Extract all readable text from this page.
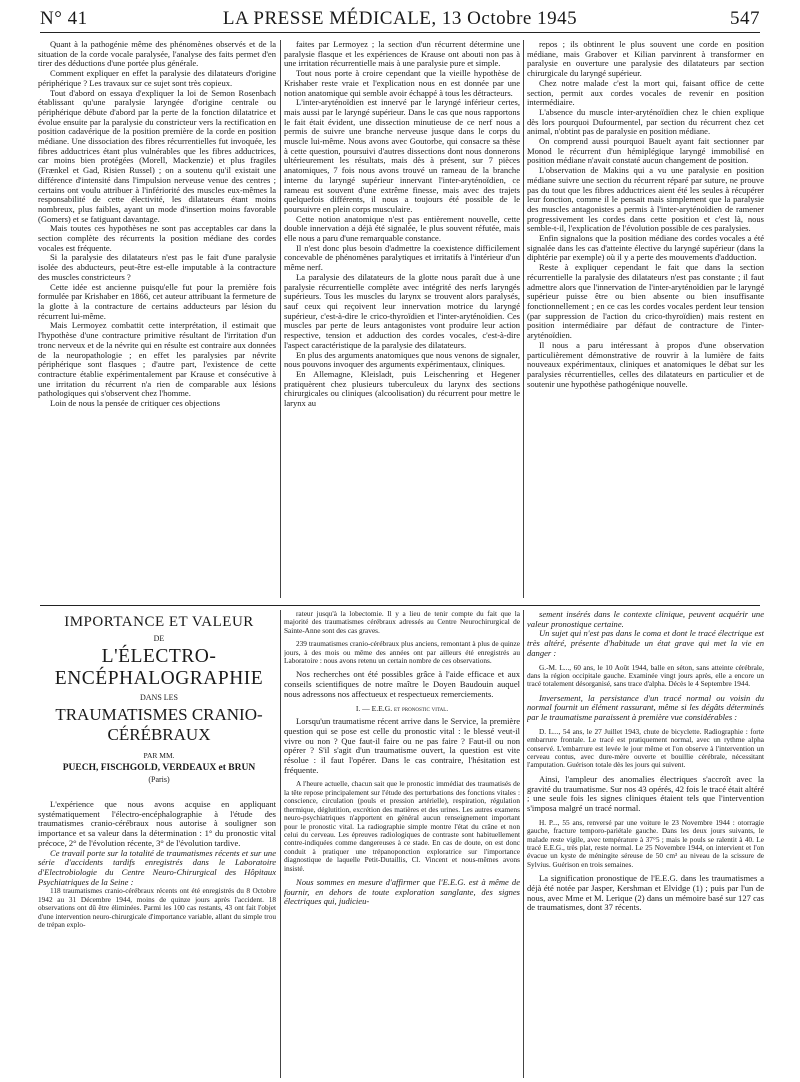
N° 41	LA PRESSE MÉDICALE, 13 Octobre 1945	547

Quant à la pathogénie même des phénomènes observés et de la situation de la corde vocale paralysée, l'analyse des faits permet d'en tirer des déductions d'une portée plus générale.

Comment expliquer en effet la paralysie des dilatateurs d'origine périphérique ? Les travaux sur ce sujet sont très copieux.

Tout d'abord on essaya d'expliquer la loi de Semon Rosenbach établissant qu'une paralysie laryngée d'origine centrale ou périphérique débute d'abord par la perte de la fonction dilatatrice et évolue ensuite par la paralysie du constricteur vers la rectification en position cadavérique de la position première de la corde en position médiane. Une dissociation des fibres récurrentielles fut invoquée, les fibres adductrices étant plus vulnérables que les fibres adductrices, car moins bien protégées (Morell, Mackenzie) et plus fragiles (Frænkel et Gad, Risien Russel) ; on a soutenu qu'il existait une différence d'intensité dans l'impulsion nerveuse venue des centres ; certains ont voulu attribuer à l'infériorité des muscles eux-mêmes la responsabilité de cette électivité, les dilatateurs étant moins nombreux, plus faibles, ayant un mode d'insertion moins favorable (Gomers) et se fatiguant davantage.

Mais toutes ces hypothèses ne sont pas acceptables car dans la section complète des récurrents la position médiane des cordes vocales est fréquente.

Si la paralysie des dilatateurs n'est pas le fait d'une paralysie isolée des abducteurs, peut-être est-elle imputable à la contracture des muscles constricteurs ?

Cette idée est ancienne puisqu'elle fut pour la première fois formulée par Krishaber en 1866, cet auteur attribuant la fermeture de la glotte à la contracture de certains adducteurs par lésion du récurrent lui-même.

Mais Lermoyez combattit cette interprétation, il estimait que l'hypothèse d'une contracture primitive résultant de l'irritation d'un tronc nerveux et de la névrite qui en résulte est contraire aux données de la neuropathologie ; en effet les paralysies par névrite périphérique sont flasques ; d'autre part, l'existence de cette contracture établie expérimentalement par Krause et consécutive à une irritation du récurrent n'a rien de comparable aux lésions pathologiques qui s'observent chez l'homme.

Loin de nous la pensée de critiquer ces objections

faites par Lermoyez ; la section d'un récurrent détermine une paralysie flasque et les expériences de Krause ont abouti non pas à une irritation récurrentielle mais à une paralysie pure et simple.

Tout nous porte à croire cependant que la vieille hypothèse de Krishaber reste vraie et l'explication nous en est donnée par une notion anatomique qui semble avoir échappé à tous les détracteurs.

L'inter-aryténoïdien est innervé par le laryngé inférieur certes, mais aussi par le laryngé supérieur. Dans le cas que nous rapportons le fait était évident, une dissection minutieuse de ce nerf nous a permis de suivre une branche nerveuse jusque dans le corps du muscle lui-même. Nous avons avec Goutorbe, qui consacre sa thèse à cette question, poursuivi d'autres dissections dont nous donnerons ultérieurement les résultats, mais dès à présent, sur 7 pièces anatomiques, 7 fois nous avons trouvé un rameau de la branche interne du laryngé supérieur innervant l'inter-aryténoïdien, ce rameau est souvent d'une extrême finesse, mais avec des trajets quelquefois différents, il nous a toujours été possible de le poursuivre en plein corps musculaire.

Cette notion anatomique n'est pas entièrement nouvelle, cette double innervation a déjà été signalée, le plus souvent réfutée, mais elle nous a paru d'une remarquable constance.

Il n'est donc plus besoin d'admettre la coexistence difficilement concevable de phénomènes paralytiques et irritatifs à l'intérieur d'un même nerf.

La paralysie des dilatateurs de la glotte nous paraît due à une paralysie récurrentielle complète avec intégrité des nerfs laryngés supérieurs. Tous les muscles du larynx se trouvent alors paralysés, sauf ceux qui reçoivent leur innervation motrice du laryngé supérieur, c'est-à-dire le crico-thyroïdien et l'inter-aryténoïdien. Ces muscles par perte de leurs antagonistes vont produire leur action respective, tension et adduction des cordes vocales, c'est-à-dire l'aspect caractéristique de la paralysie des dilatateurs.

En plus des arguments anatomiques que nous venons de signaler, nous pouvons invoquer des arguments expérimentaux, cliniques.

En Allemagne, Kleisladt, puis Leischenring et Hegener pratiquèrent chez plusieurs tuberculeux du larynx des sections chirurgicales ou cliniques (alcoolisation) du récurrent pour mettre le larynx au

repos ; ils obtinrent le plus souvent une corde en position médiane, mais Grabover et Kilian parvinrent à transformer en paralysie en ouverture une paralysie des dilatateurs par section chirurgicale du laryngé supérieur.

Chez notre malade c'est la mort qui, faisant office de cette section, permit aux cordes vocales de revenir en position intermédiaire.

L'absence du muscle inter-aryténoïdien chez le chien explique dès lors pourquoi Dufourmentel, par section du récurrent chez cet animal, n'obtint pas de paralysie en position médiane.

On comprend aussi pourquoi Bauelt ayant fait sectionner par Monod le récurrent d'un hémiplégique laryngé immobilisé en position médiane n'avait constaté aucun changement de position.

L'observation de Makins qui a vu une paralysie en position médiane suivre une section du récurrent réparé par suture, ne prouve pas du tout que les fibres adductrices aient été les seules à récupérer leur fonction, comme il le pensait mais simplement que la paralysie des muscles antagonistes a permis à l'inter-aryténoïdien de ramener progressivement les cordes dans cette position et c'est là, nous semble-t-il, l'explication de l'évolution possible de ces paralysies.

Enfin signalons que la position médiane des cordes vocales a été signalée dans les cas d'atteinte élective du laryngé supérieur (dans la diphtérie par exemple) où il y a perte des mouvements d'adduction.

Reste à expliquer cependant le fait que dans la section récurrentielle la paralysie des dilatateurs n'est pas constante ; il faut admettre alors que l'innervation de l'inter-aryténoïdien par le laryngé supérieur puisse être ou bien absente ou bien insuffisante fonctionnellement ; en ce cas les cordes vocales perdent leur tension (par suppression de l'action du crico-thyroïdien) mais restent en position intermédiaire par défaut de contracture de l'inter-aryténoïdien.

Il nous a paru intéressant à propos d'une observation particulièrement démonstrative de rouvrir à la lumière de faits nouveaux expérimentaux, cliniques et anatomiques le débat sur les paralysies récurrentielles, celles des dilatateurs en particulier et de soutenir une hypothèse pathogénique nouvelle.

IMPORTANCE ET VALEUR
DE
L'ÉLECTRO-ENCÉPHALOGRAPHIE
DANS LES
TRAUMATISMES CRANIO-CÉRÉBRAUX
PAR MM.
PUECH, FISCHGOLD, VERDEAUX et BRUN
(Paris)

L'expérience que nous avons acquise en appliquant systématiquement l'électro-encéphalographie à l'étude des traumatismes cranio-cérébraux nous autorise à souligner son importance et sa valeur dans la détermination : 1° du pronostic vital précoce, 2° de l'évolution récente, 3° de l'évolution tardive.

Ce travail porte sur la totalité de traumatismes récents et sur une série d'accidents tardifs enregistrés dans le Laboratoire d'Electrobiologie du Centre Neuro-Chirurgical des Hôpitaux Psychiatriques de la Seine :

118 traumatismes cranio-cérébraux récents ont été enregistrés du 8 Octobre 1942 au 31 Décembre 1944, moins de quinze jours après l'accident. 18 observations ont dû être éliminées. Parmi les 100 cas restants, 43 ont fait l'objet d'une intervention neuro-chirurgicale d'importance variable, allant du simple trou de trépan explo-

rateur jusqu'à la lobectomie. Il y a lieu de tenir compte du fait que la majorité des traumatismes cérébraux adressés au Centre Neurochirurgical de Sainte-Anne sont des cas graves.

239 traumatismes cranio-cérébraux plus anciens, remontant à plus de quinze jours, à des mois ou même des années ont par ailleurs été enregistrés au Laboratoire : nous avons retenu un certain nombre de ces observations.

Nos recherches ont été possibles grâce à l'aide efficace et aux conseils scientifiques de notre maître le Doyen Baudouin auquel nous adressons nos affectueux et respectueux remerciements.

I. — E.E.G. et pronostic vital.

Lorsqu'un traumatisme récent arrive dans le Service, la première question qui se pose est celle du pronostic vital : le blessé veut-il vivre ou non ? Que faut-il faire ou ne pas faire ? Faut-il ou non opérer ? S'il s'agit d'un traumatisme ouvert, la question est vite résolue : il faut l'opérer. Dans le cas contraire, l'hésitation est fréquente.

A l'heure actuelle, chacun sait que le pronostic immédiat des traumatisés de la tête repose principalement sur l'étude des perturbations des fonctions vitales : conscience, circulation (pouls et pression artérielle), respiration, régulation thermique, déglutition, excrétion des matières et des urines. Les autres examens neuro-psychiatriques n'apportent en général aucun renseignement important pour le pronostic vital. La radiographie simple montre l'état du crâne et non celui du cerveau. Les épreuves radiologiques de contraste sont habituellement contre-indiquées comme dangereuses à ce stade. En cas de doute, on est donc conduit à pratiquer une trépanoponction exploratrice sur l'importance diagnostique de laquelle Petit-Dutaillis, Cl. Vincent et nous-mêmes avons insisté.

Nous sommes en mesure d'affirmer que l'E.E.G. est à même de fournir, en dehors de toute exploration sanglante, des signes électriques qui, judicieu-

sement insérés dans le contexte clinique, peuvent acquérir une valeur pronostique certaine.

Un sujet qui n'est pas dans le coma et dont le tracé électrique est très altéré, présente d'habitude un état grave qui met la vie en danger :

G.-M. L..., 60 ans, le 10 Août 1944, balle en séton, sans atteinte cérébrale, dans la région occipitale gauche. Examinée vingt jours après, elle a encore un tracé totalement désorganisé, sans trace d'alpha. Décès le 4 Septembre 1944.

Inversement, la persistance d'un tracé normal ou voisin du normal fournit un élément rassurant, même si les dégâts déterminés par le traumatisme paraissent à première vue considérables :

D. L..., 54 ans, le 27 Juillet 1943, chute de bicyclette. Radiographie : forte embarrure frontale. Le tracé est pratiquement normal, avec un rythme alpha conservé. L'embarrure est levée le jour même et l'on observe à l'intervention un cerveau contus, avec dure-mère ouverte et bouillie cérébrale, nécessitant l'amputation. Guérison totale dès les jours qui suivent.

Ainsi, l'ampleur des anomalies électriques s'accroît avec la gravité du traumatisme. Sur nos 43 opérés, 42 fois le tracé était altéré ; une seule fois les signes cliniques étaient tels que l'intervention s'imposa malgré un tracé normal.

H. P..., 55 ans, renversé par une voiture le 23 Novembre 1944 : otorragie gauche, fracture temporo-pariétale gauche. Dans les deux jours suivants, le malade reste vigile, avec température à 37°5 ; mais le pouls se ralentit à 40. Le tracé E.E.G., très plat, reste normal. Le 25 Novembre 1944, on intervient et l'on évacue un kyste de méningite séreuse de 50 cm³ au niveau de la scissure de Sylvius. Guérison en trois semaines.

La signification pronostique de l'E.E.G. dans les traumatismes a déjà été notée par Jasper, Kershman et Elvidge (1) ; puis par l'un de nous, avec Mme et M. Lerique (2) dans un mémoire basé sur 127 cas de traumatismes, dont 37 récents.
